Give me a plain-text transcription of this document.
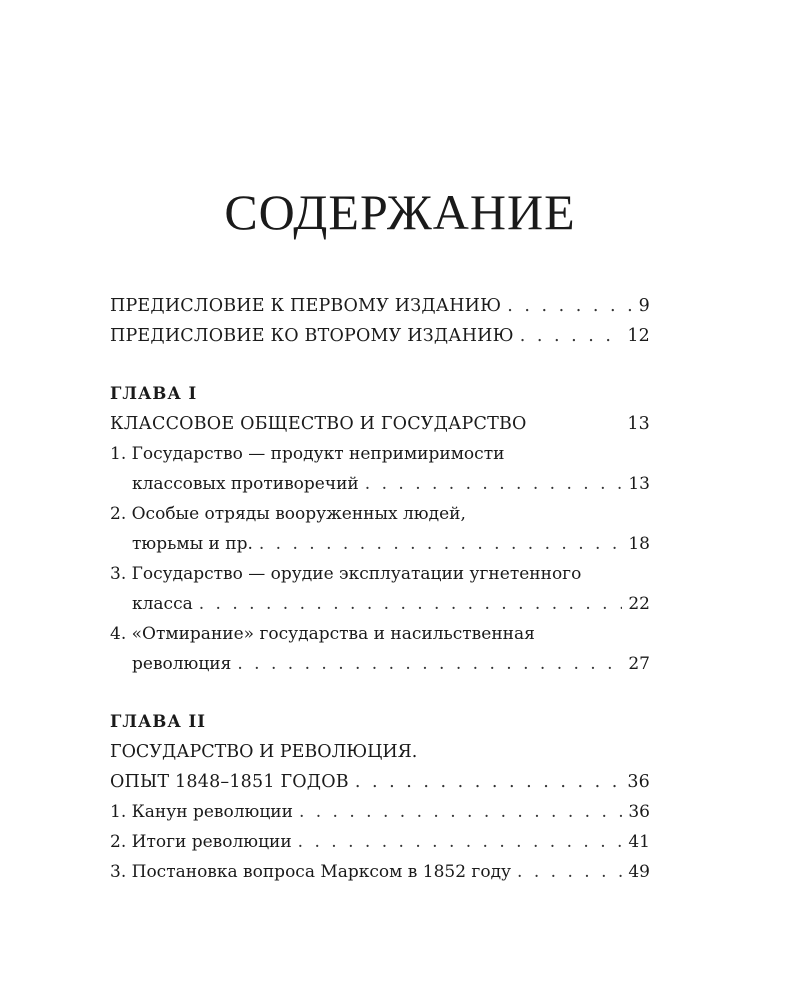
СОДЕРЖАНИЕ
ПРЕДИСЛОВИЕ К ПЕРВОМУ ИЗДАНИЮ . . .	9
ПРЕДИСЛОВИЕ КО ВТОРОМУ ИЗДАНИЮ . . .	12
ГЛАВА I
КЛАССОВОЕ ОБЩЕСТВО И ГОСУДАРСТВО	13
1. Государство — продукт непримиримости
классовых противоречий . . .	13
2. Особые отряды вооруженных людей,
тюрьмы и пр. . . .	18
3. Государство — орудие эксплуатации угнетенного
класса . . .	22
4. «Отмирание» государства и насильственная
революция . . .	27
ГЛАВА II
ГОСУДАРСТВО И РЕВОЛЮЦИЯ.
ОПЫТ 1848–1851 ГОДОВ . . .	36
1. Канун революции . . .	36
2. Итоги революции . . .	41
3. Постановка вопроса Марксом в 1852 году . . .	49
